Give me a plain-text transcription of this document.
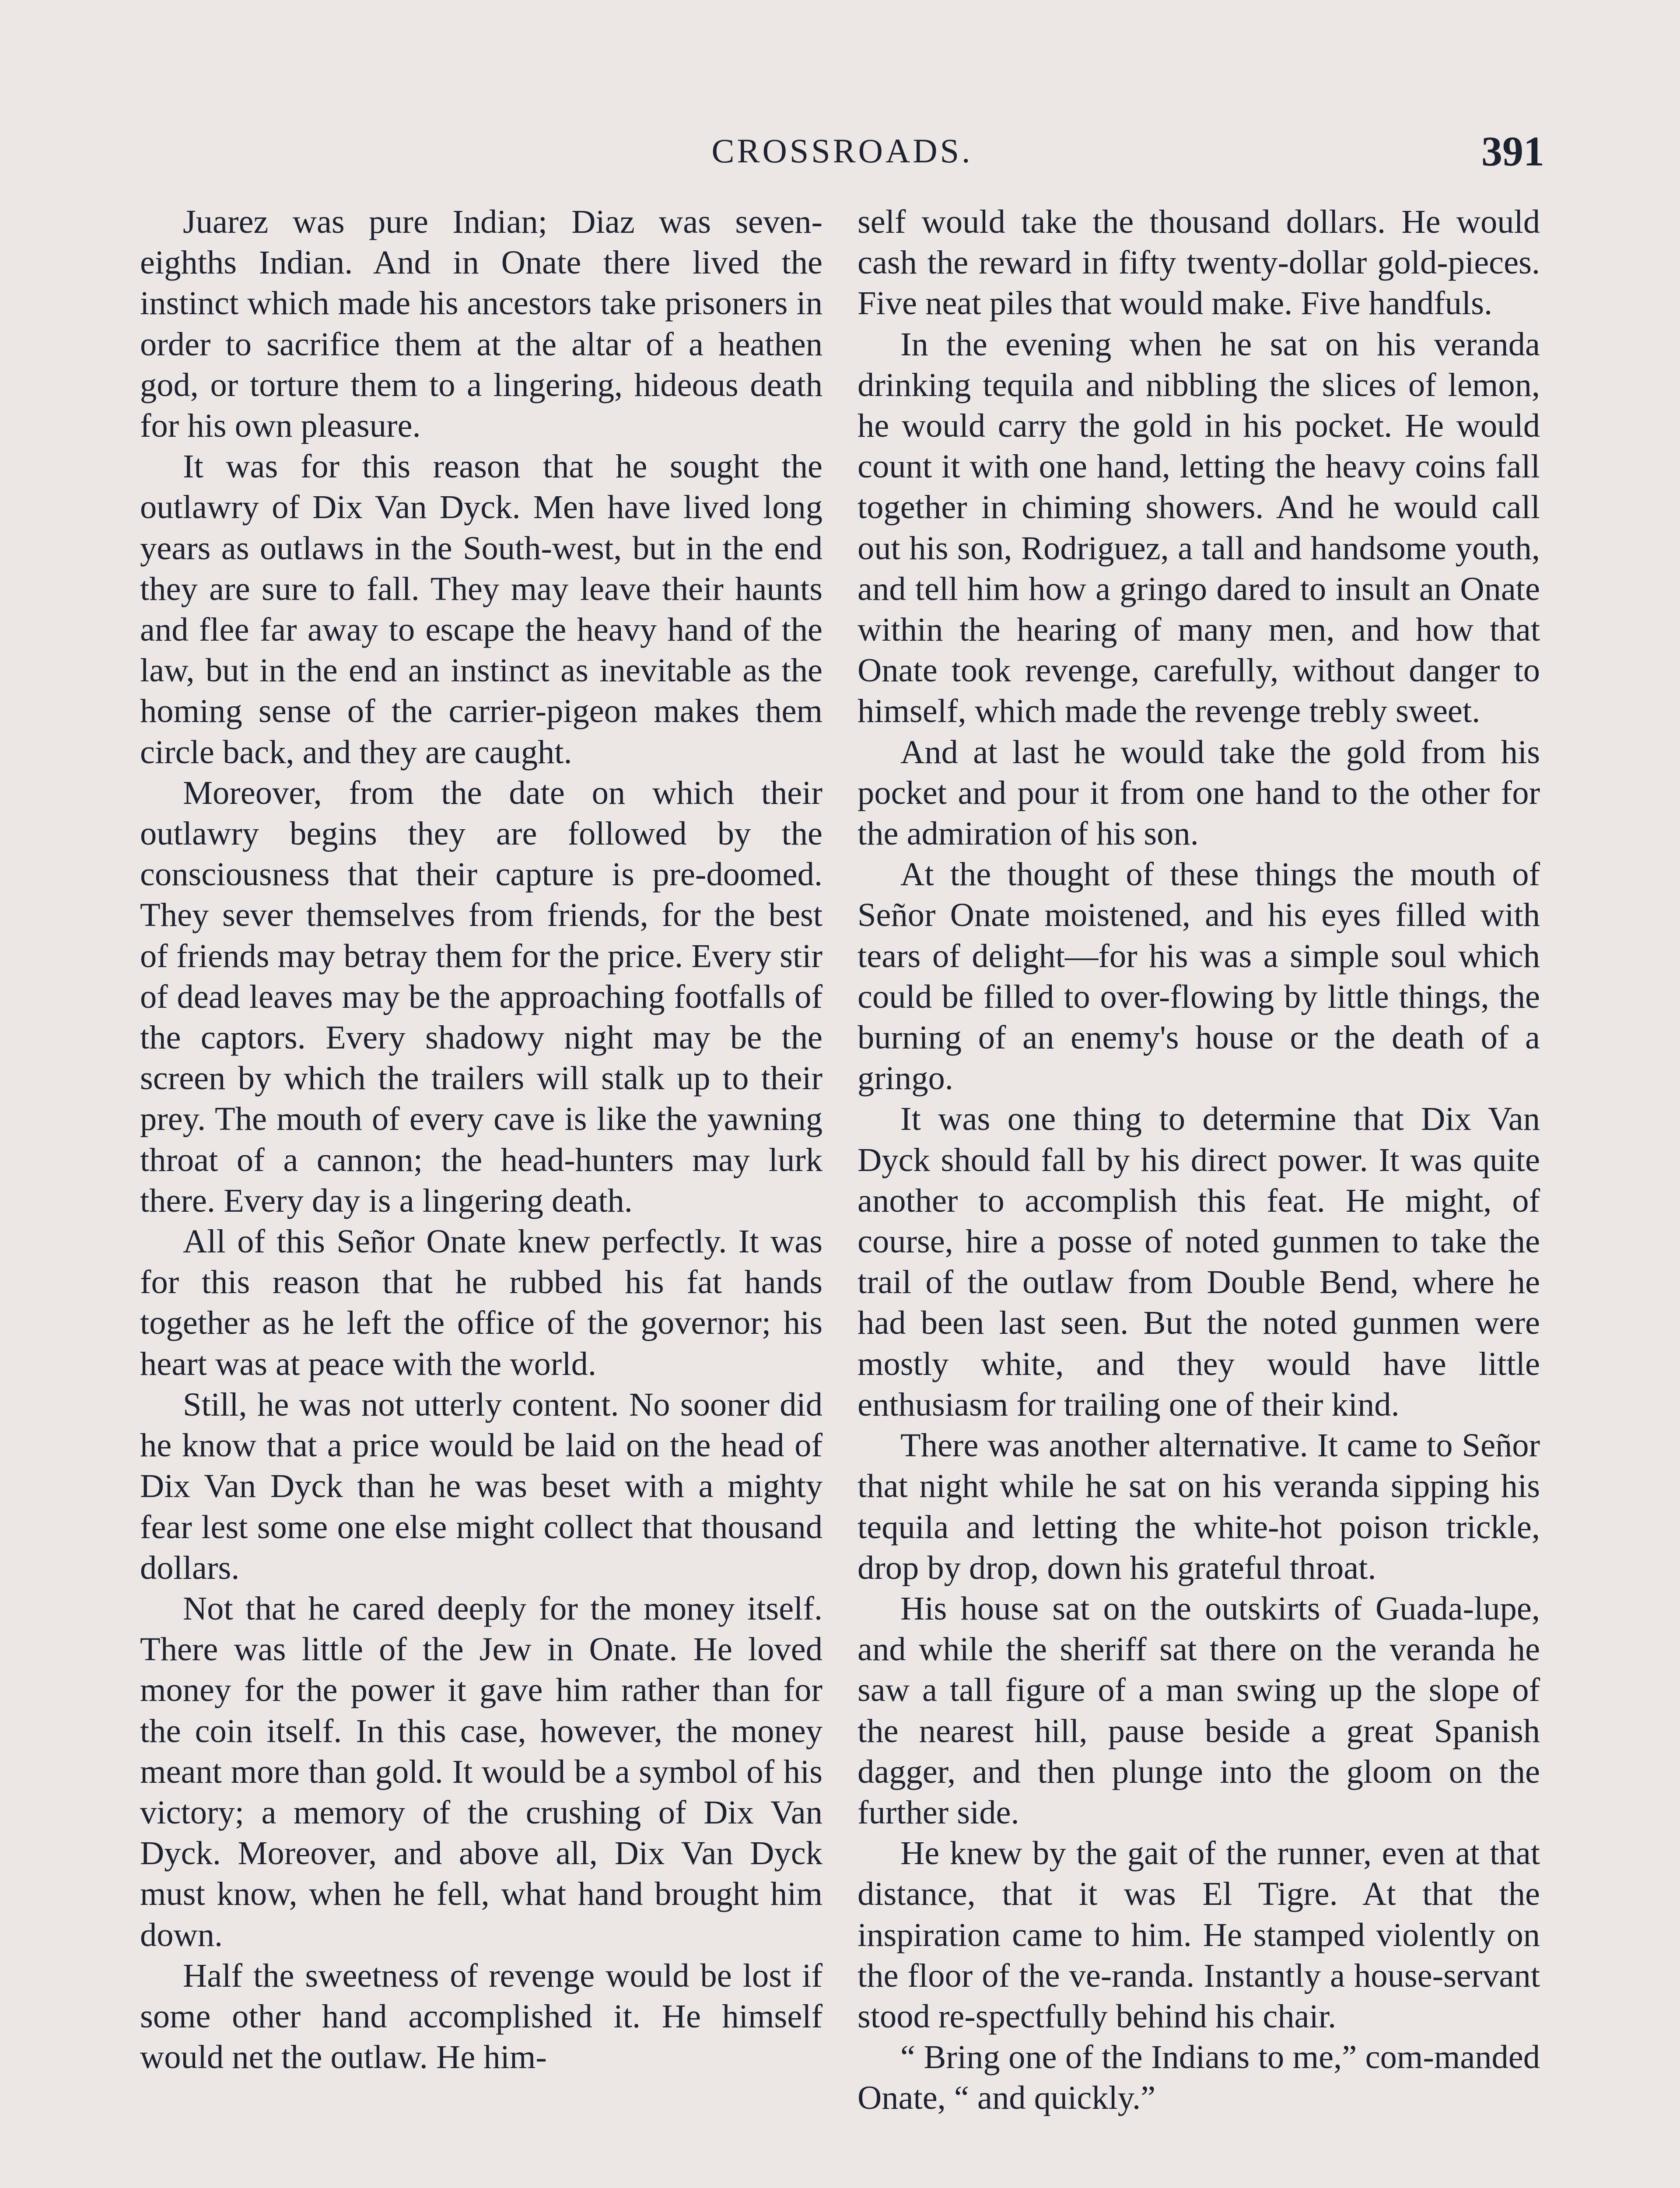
CROSSROADS.	391

Juarez was pure Indian; Diaz was seven-eighths Indian. And in Onate there lived the instinct which made his ancestors take prisoners in order to sacrifice them at the altar of a heathen god, or torture them to a lingering, hideous death for his own pleasure.

It was for this reason that he sought the outlawry of Dix Van Dyck. Men have lived long years as outlaws in the South-west, but in the end they are sure to fall. They may leave their haunts and flee far away to escape the heavy hand of the law, but in the end an instinct as inevitable as the homing sense of the carrier-pigeon makes them circle back, and they are caught.

Moreover, from the date on which their outlawry begins they are followed by the consciousness that their capture is pre-doomed. They sever themselves from friends, for the best of friends may betray them for the price. Every stir of dead leaves may be the approaching footfalls of the captors. Every shadowy night may be the screen by which the trailers will stalk up to their prey. The mouth of every cave is like the yawning throat of a cannon; the head-hunters may lurk there. Every day is a lingering death.

All of this Señor Onate knew perfectly. It was for this reason that he rubbed his fat hands together as he left the office of the governor; his heart was at peace with the world.

Still, he was not utterly content. No sooner did he know that a price would be laid on the head of Dix Van Dyck than he was beset with a mighty fear lest some one else might collect that thousand dollars.

Not that he cared deeply for the money itself. There was little of the Jew in Onate. He loved money for the power it gave him rather than for the coin itself. In this case, however, the money meant more than gold. It would be a symbol of his victory; a memory of the crushing of Dix Van Dyck. Moreover, and above all, Dix Van Dyck must know, when he fell, what hand brought him down.

Half the sweetness of revenge would be lost if some other hand accomplished it. He himself would net the outlaw. He him-

self would take the thousand dollars. He would cash the reward in fifty twenty-dollar gold-pieces. Five neat piles that would make. Five handfuls.

In the evening when he sat on his veranda drinking tequila and nibbling the slices of lemon, he would carry the gold in his pocket. He would count it with one hand, letting the heavy coins fall together in chiming showers. And he would call out his son, Rodriguez, a tall and handsome youth, and tell him how a gringo dared to insult an Onate within the hearing of many men, and how that Onate took revenge, carefully, without danger to himself, which made the revenge trebly sweet.

And at last he would take the gold from his pocket and pour it from one hand to the other for the admiration of his son.

At the thought of these things the mouth of Señor Onate moistened, and his eyes filled with tears of delight—for his was a simple soul which could be filled to over-flowing by little things, the burning of an enemy's house or the death of a gringo.

It was one thing to determine that Dix Van Dyck should fall by his direct power. It was quite another to accomplish this feat. He might, of course, hire a posse of noted gunmen to take the trail of the outlaw from Double Bend, where he had been last seen. But the noted gunmen were mostly white, and they would have little enthusiasm for trailing one of their kind.

There was another alternative. It came to Señor that night while he sat on his veranda sipping his tequila and letting the white-hot poison trickle, drop by drop, down his grateful throat.

His house sat on the outskirts of Guada-lupe, and while the sheriff sat there on the veranda he saw a tall figure of a man swing up the slope of the nearest hill, pause beside a great Spanish dagger, and then plunge into the gloom on the further side.

He knew by the gait of the runner, even at that distance, that it was El Tigre. At that the inspiration came to him. He stamped violently on the floor of the ve-randa. Instantly a house-servant stood re-spectfully behind his chair.

“ Bring one of the Indians to me,” com-manded Onate, “ and quickly.”
